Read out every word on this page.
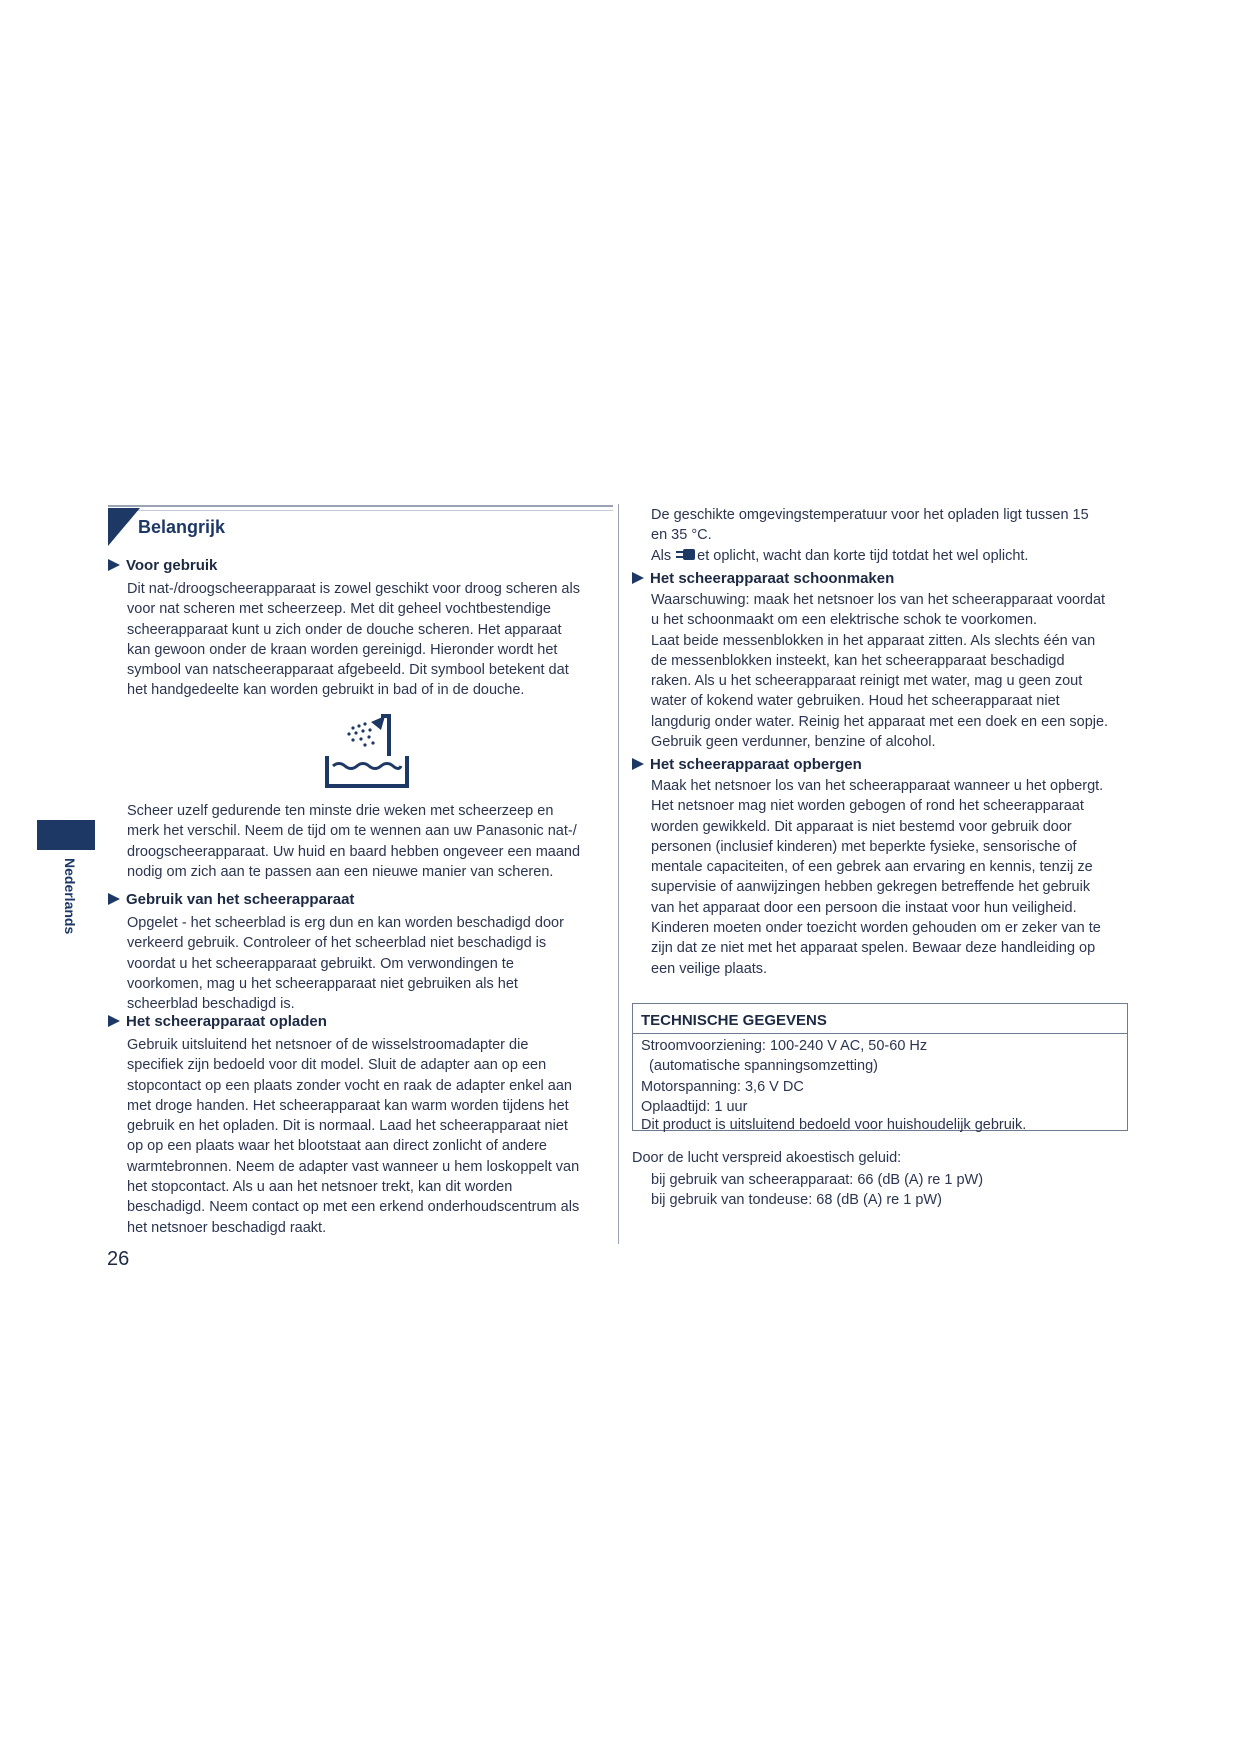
Nederlands
Belangrijk
Voor gebruik
Dit nat-/droogscheerapparaat is zowel geschikt voor droog scheren als
voor nat scheren met scheerzeep. Met dit geheel vochtbestendige
scheerapparaat kunt u zich onder de douche scheren. Het apparaat
kan gewoon onder de kraan worden gereinigd. Hieronder wordt het
symbool van natscheerapparaat afgebeeld. Dit symbool betekent dat
het handgedeelte kan worden gebruikt in bad of in de douche.
Scheer uzelf gedurende ten minste drie weken met scheerzeep en
merk het verschil. Neem de tijd om te wennen aan uw Panasonic nat-/
droogscheerapparaat. Uw huid en baard hebben ongeveer een maand
nodig om zich aan te passen aan een nieuwe manier van scheren.
Gebruik van het scheerapparaat
Opgelet - het scheerblad is erg dun en kan worden beschadigd door
verkeerd gebruik. Controleer of het scheerblad niet beschadigd is
voordat u het scheerapparaat gebruikt. Om verwondingen te
voorkomen, mag u het scheerapparaat niet gebruiken als het
scheerblad beschadigd is.
Het scheerapparaat opladen
Gebruik uitsluitend het netsnoer of de wisselstroomadapter die
specifiek zijn bedoeld voor dit model. Sluit de adapter aan op een
stopcontact op een plaats zonder vocht en raak de adapter enkel aan
met droge handen. Het scheerapparaat kan warm worden tijdens het
gebruik en het opladen. Dit is normaal. Laad het scheerapparaat niet
op op een plaats waar het blootstaat aan direct zonlicht of andere
warmtebronnen. Neem de adapter vast wanneer u hem loskoppelt van
het stopcontact. Als u aan het netsnoer trekt, kan dit worden
beschadigd. Neem contact op met een erkend onderhoudscentrum als
het netsnoer beschadigd raakt.
26
De geschikte omgevingstemperatuur voor het opladen ligt tussen 15
en 35 °C.
Als et oplicht, wacht dan korte tijd totdat het wel oplicht.
Het scheerapparaat schoonmaken
Waarschuwing: maak het netsnoer los van het scheerapparaat voordat
u het schoonmaakt om een elektrische schok te voorkomen.
Laat beide messenblokken in het apparaat zitten. Als slechts één van
de messenblokken insteekt, kan het scheerapparaat beschadigd
raken. Als u het scheerapparaat reinigt met water, mag u geen zout
water of kokend water gebruiken. Houd het scheerapparaat niet
langdurig onder water. Reinig het apparaat met een doek en een sopje.
Gebruik geen verdunner, benzine of alcohol.
Het scheerapparaat opbergen
Maak het netsnoer los van het scheerapparaat wanneer u het opbergt.
Het netsnoer mag niet worden gebogen of rond het scheerapparaat
worden gewikkeld. Dit apparaat is niet bestemd voor gebruik door
personen (inclusief kinderen) met beperkte fysieke, sensorische of
mentale capaciteiten, of een gebrek aan ervaring en kennis, tenzij ze
supervisie of aanwijzingen hebben gekregen betreffende het gebruik
van het apparaat door een persoon die instaat voor hun veiligheid.
Kinderen moeten onder toezicht worden gehouden om er zeker van te
zijn dat ze niet met het apparaat spelen. Bewaar deze handleiding op
een veilige plaats.
TECHNISCHE GEGEVENS
Stroomvoorziening: 100-240 V AC, 50-60 Hz
(automatische spanningsomzetting)
Motorspanning: 3,6 V DC
Oplaadtijd: 1 uur
Dit product is uitsluitend bedoeld voor huishoudelijk gebruik.
Door de lucht verspreid akoestisch geluid:
bij gebruik van scheerapparaat: 66 (dB (A) re 1 pW)
bij gebruik van tondeuse: 68 (dB (A) re 1 pW)
